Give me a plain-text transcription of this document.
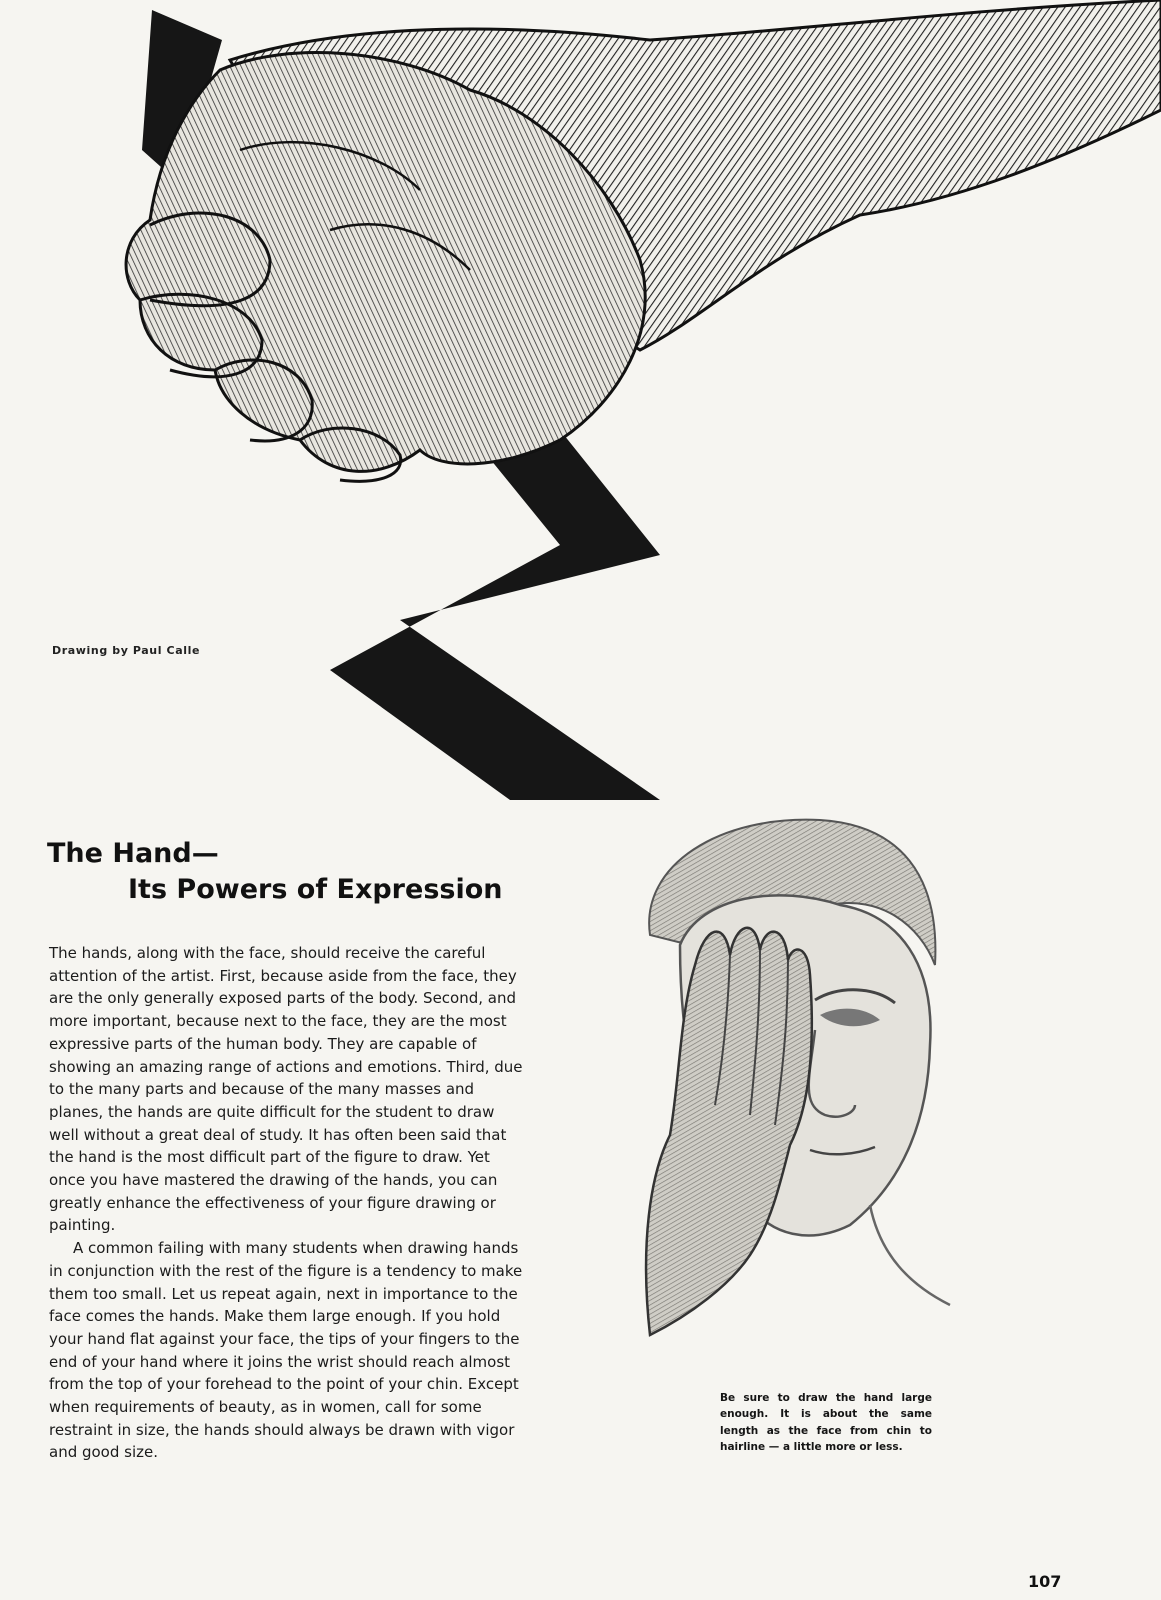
Drawing by Paul Calle
The Hand—
Its Powers of Expression

The hands, along with the face, should receive the careful attention of the artist. First, because aside from the face, they are the only generally exposed parts of the body. Second, and more important, because next to the face, they are the most expressive parts of the human body. They are capable of showing an amazing range of actions and emotions. Third, due to the many parts and because of the many masses and planes, the hands are quite difficult for the student to draw well without a great deal of study. It has often been said that the hand is the most difficult part of the figure to draw. Yet once you have mastered the drawing of the hands, you can greatly enhance the effectiveness of your figure drawing or painting.

A common failing with many students when drawing hands in conjunction with the rest of the figure is a tendency to make them too small. Let us repeat again, next in importance to the face comes the hands. Make them large enough. If you hold your hand flat against your face, the tips of your fingers to the end of your hand where it joins the wrist should reach almost from the top of your forehead to the point of your chin. Except when requirements of beauty, as in women, call for some restraint in size, the hands should always be drawn with vigor and good size.

Be sure to draw the hand large enough. It is about the same length as the face from chin to hairline — a little more or less.

107
